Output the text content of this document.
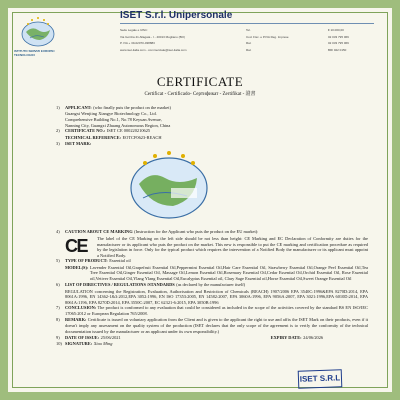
ISTITUTO SERVIZI EUROPEI TECNOLOGICI
ISET S.r.l. Unipersonale
Sede Legale e Uffici:
Via Gorizia 41 Allagata - I - 40013 Mogliano (BO)
P. IVA + 39-02070-038883
www.iset-italia.com - commerciale@iset-italia.com
Tel.
Cod. Fisc. e P.IVA Reg. Imprese
Ral.
Ral.
€ 10.000,00
02 033 795 069
02 033 795 069
BRI 022 0150
CERTIFICATE
Certificat - Certificado- Сертификат - Zertifikat - 證書
1)	APPLICANT: (who finally puts the product on the market)
Guangxi Wenjiing Xiangye Biotechnology Co., Ltd.
Comprehensive Building No.1, No.78 Keyuan Avenue,
Nanning City, Guangxi Zhuang Autonomous Region, China
2)	CERTIFICATE NO.: ISET CE 000220210625
TECHNICAL REFERENCE: EOTCF0623-REACH
3)	ISET MARK:
4)	CAUTION ABOUT CE MARKING (Instruction for the Applicant who puts the product on the EU market):
CE	The label of the CE Marking on the left side should be not less than height: CE Marking and EC Declaration of Conformity are duties for the manufacturer or its applicant who puts the product on the market. This new is responsible to put the CE marking and certification procedure as required by the legislation in force. Only for the typical product which requires the intervention of a Notified Body the manufacturer or its applicant must appoint a Notified Body.
5)	TYPE OF PRODUCT: Essential oil
MODEL(S): Lavender Essential Oil,Grapefruit Essential Oil,Peppermint Essential Oil,Hair Care Essential Oil, Strawberry Essential Oil,Orange Peel Essential Oil,Tea Tree Essential Oil,Ginger Essential Oil, Massage Oil,Lemon Essential Oil,Rosemary Essential Oil,Cedar Essential Oil,Orchid Essential Oil, Rose Essential oil,Vetiver Essential Oil,Ylang Ylang Essential Oil,Eucalyptus Essential oil, Clary Sage Essential oil,Horse Essential Oil,Sweet Orange Essential Oil
6)	LIST OF DIRECTIVES / REGULATIONS /STANDARDS (as declared by the manufacturer itself)
REGULATION concerning the Registration, Evaluation, Authorisation and Restriction of Chemicals (REACH) 1907/2006 EPA 3540C:1996&EPA 8270D:2014, EPA 8061A:1996, EN 14362-1&3:2012,EPA 3052:1996, EN ISO 17353:2005, EN 14582:2007, EPA 3060A:1996, EPA 9056A:2007, EPA 3021:1996,EPA 6010D:2014, EPA 8061A:1196, EPA 8270D:2014, EPA 3550C:2007, EC 62321-6:2015, EPA 3050B:1996
7)	CONCLUSION: The product is conformed to any evaluation that could be considered as included in the scope of the activities covered by the standard BS EN ISO/IEC 17065:2012 or European Regulation 765/2008.
8)	REMARK: Certificate is issued on voluntary application from the Client and is given to the applicant the right to use and affix the ISET Mark on their products, even if it doesn't imply any assessment on the quality system of the production (ISET declares that the only scope of the agreement is to verify the conformity of the technical documentation issued by the manufacturer or an applicant under its own responsibility.)
9)	DATE OF ISSUE: 25/06/2021	EXPIRY DATE: 24/06/2026
10) SIGNATURE: Xiao Ming
ISET S.R.L
